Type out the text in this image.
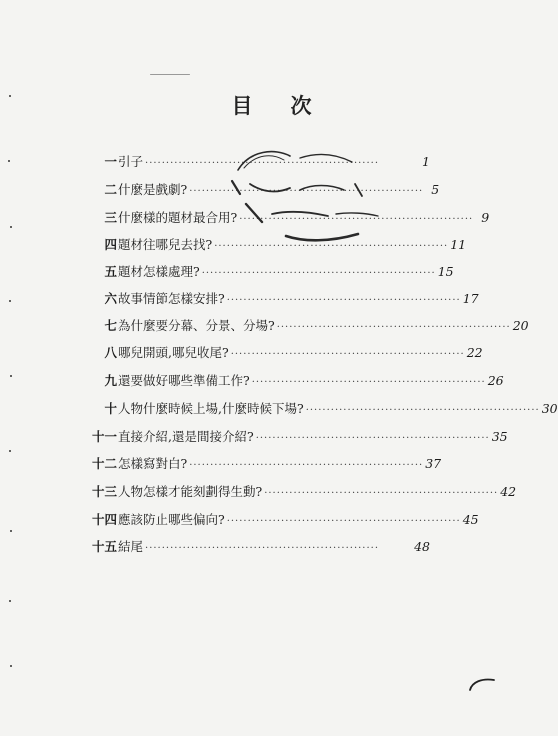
目次
一 引子 ························································	1
二 什麼是戲劇? ························································ 5
三 什麼樣的題材最合用? ························································ 9
四 題材往哪兒去找? ························································ 11
五 題材怎樣處理? ························································ 15
六 故事情節怎樣安排? ························································ 17
七 為什麼要分幕、分景、分場? ························································ 20
八 哪兒開頭,哪兒收尾? ························································ 22
九 還要做好哪些準備工作? ························································ 26
十 人物什麼時候上場,什麼時候下場? ························································ 30
十一 直接介紹,還是間接介紹? ························································ 35
十二 怎樣寫對白? ························································ 37
十三 人物怎樣才能刻劃得生動? ························································ 42
十四 應該防止哪些偏向? ························································ 45
十五 結尾 ························································	48
